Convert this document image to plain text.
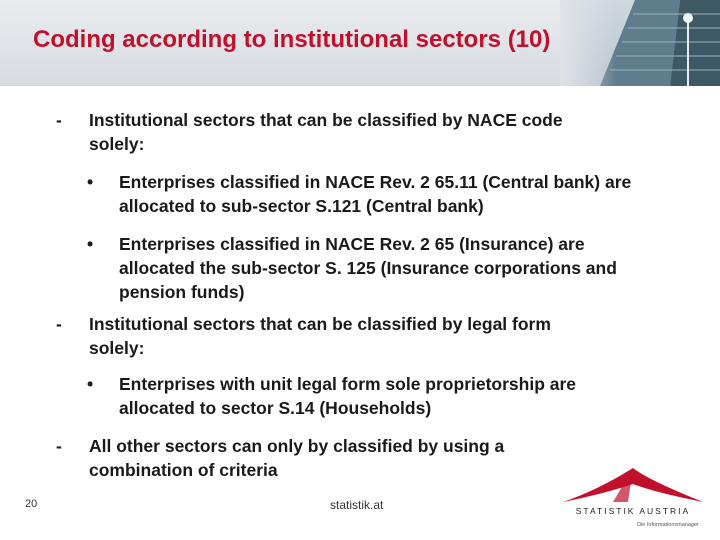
Coding according to institutional sectors (10)
- Institutional sectors that can be classified by NACE code solely:
• Enterprises classified in NACE Rev. 2 65.11 (Central bank) are allocated to sub-sector S.121 (Central bank)
• Enterprises classified in NACE Rev. 2 65 (Insurance) are allocated the sub-sector S. 125 (Insurance corporations and pension funds)
- Institutional sectors that can be classified by legal form solely:
• Enterprises with unit legal form sole proprietorship are allocated to sector S.14 (Households)
- All other sectors can only by classified by using a combination of criteria
20	statistik.at	STATISTIK AUSTRIA
Die Informationsmanager
